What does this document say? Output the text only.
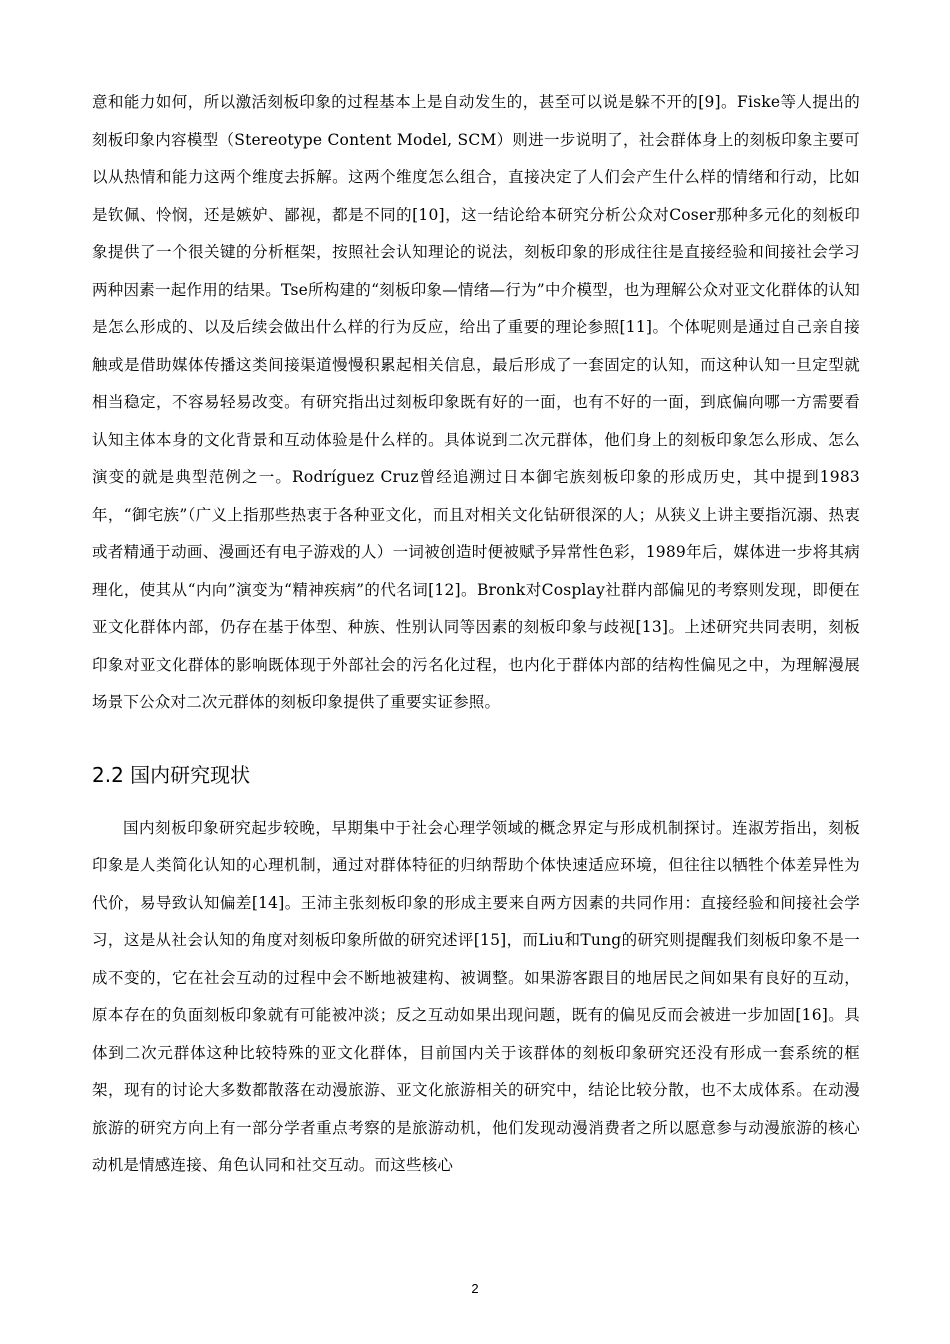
意和能力如何，所以激活刻板印象的过程基本上是自动发生的，甚至可以说是躲不开的[9]。Fiske等人提出的刻板印象内容模型（Stereotype Content Model, SCM）则进一步说明了，社会群体身上的刻板印象主要可以从热情和能力这两个维度去拆解。这两个维度怎么组合，直接决定了人们会产生什么样的情绪和行动，比如是钦佩、怜悯，还是嫉妒、鄙视，都是不同的[10]，这一结论给本研究分析公众对Coser那种多元化的刻板印象提供了一个很关键的分析框架，按照社会认知理论的说法，刻板印象的形成往往是直接经验和间接社会学习两种因素一起作用的结果。Tse所构建的“刻板印象—情绪—行为”中介模型，也为理解公众对亚文化群体的认知是怎么形成的、以及后续会做出什么样的行为反应，给出了重要的理论参照[11]。个体呢则是通过自己亲自接触或是借助媒体传播这类间接渠道慢慢积累起相关信息，最后形成了一套固定的认知，而这种认知一旦定型就相当稳定，不容易轻易改变。有研究指出过刻板印象既有好的一面，也有不好的一面，到底偏向哪一方需要看认知主体本身的文化背景和互动体验是什么样的。具体说到二次元群体，他们身上的刻板印象怎么形成、怎么演变的就是典型范例之一。Rodríguez Cruz曾经追溯过日本御宅族刻板印象的形成历史，其中提到1983年，“御宅族”（广义上指那些热衷于各种亚文化，而且对相关文化钻研很深的人；从狭义上讲主要指沉溺、热衷或者精通于动画、漫画还有电子游戏的人）一词被创造时便被赋予异常性色彩，1989年后，媒体进一步将其病理化，使其从“内向”演变为“精神疾病”的代名词[12]。Bronk对Cosplay社群内部偏见的考察则发现，即便在亚文化群体内部，仍存在基于体型、种族、性别认同等因素的刻板印象与歧视[13]。上述研究共同表明，刻板印象对亚文化群体的影响既体现于外部社会的污名化过程，也内化于群体内部的结构性偏见之中，为理解漫展场景下公众对二次元群体的刻板印象提供了重要实证参照。

2.2 国内研究现状

国内刻板印象研究起步较晚，早期集中于社会心理学领域的概念界定与形成机制探讨。连淑芳指出，刻板印象是人类简化认知的心理机制，通过对群体特征的归纳帮助个体快速适应环境，但往往以牺牲个体差异性为代价，易导致认知偏差[14]。王沛主张刻板印象的形成主要来自两方因素的共同作用：直接经验和间接社会学习，这是从社会认知的角度对刻板印象所做的研究述评[15]，而Liu和Tung的研究则提醒我们刻板印象不是一成不变的，它在社会互动的过程中会不断地被建构、被调整。如果游客跟目的地居民之间如果有良好的互动，原本存在的负面刻板印象就有可能被冲淡；反之互动如果出现问题，既有的偏见反而会被进一步加固[16]。具体到二次元群体这种比较特殊的亚文化群体，目前国内关于该群体的刻板印象研究还没有形成一套系统的框架，现有的讨论大多数都散落在动漫旅游、亚文化旅游相关的研究中，结论比较分散，也不太成体系。在动漫旅游的研究方向上有一部分学者重点考察的是旅游动机，他们发现动漫消费者之所以愿意参与动漫旅游的核心动机是情感连接、角色认同和社交互动。而这些核心

2
